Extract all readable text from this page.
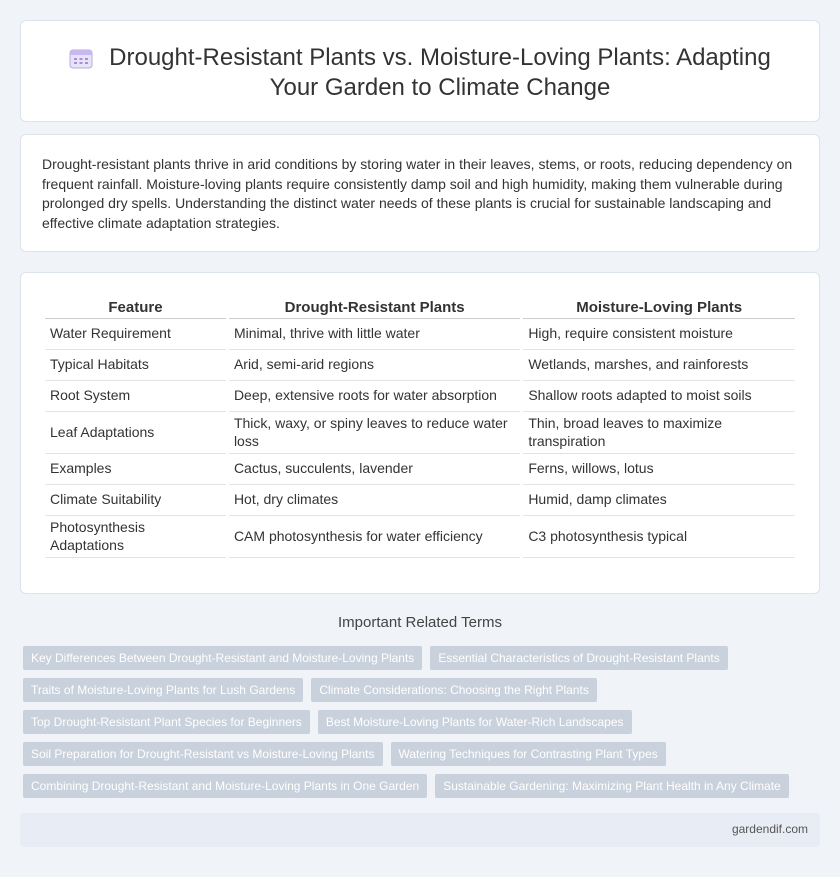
Drought-Resistant Plants vs. Moisture-Loving Plants: Adapting Your Garden to Climate Change

Drought-resistant plants thrive in arid conditions by storing water in their leaves, stems, or roots, reducing dependency on frequent rainfall. Moisture-loving plants require consistently damp soil and high humidity, making them vulnerable during prolonged dry spells. Understanding the distinct water needs of these plants is crucial for sustainable landscaping and effective climate adaptation strategies.

Feature	Drought-Resistant Plants	Moisture-Loving Plants
Water Requirement	Minimal, thrive with little water	High, require consistent moisture
Typical Habitats	Arid, semi-arid regions	Wetlands, marshes, and rainforests
Root System	Deep, extensive roots for water absorption	Shallow roots adapted to moist soils
Leaf Adaptations	Thick, waxy, or spiny leaves to reduce water loss	Thin, broad leaves to maximize transpiration
Examples	Cactus, succulents, lavender	Ferns, willows, lotus
Climate Suitability	Hot, dry climates	Humid, damp climates
Photosynthesis Adaptations	CAM photosynthesis for water efficiency	C3 photosynthesis typical
Important Related Terms
Key Differences Between Drought-Resistant and Moisture-Loving Plants	Essential Characteristics of Drought-Resistant Plants
Traits of Moisture-Loving Plants for Lush Gardens	Climate Considerations: Choosing the Right Plants
Top Drought-Resistant Plant Species for Beginners	Best Moisture-Loving Plants for Water-Rich Landscapes
Soil Preparation for Drought-Resistant vs Moisture-Loving Plants	Watering Techniques for Contrasting Plant Types
Combining Drought-Resistant and Moisture-Loving Plants in One Garden	Sustainable Gardening: Maximizing Plant Health in Any Climate
gardendif.com
